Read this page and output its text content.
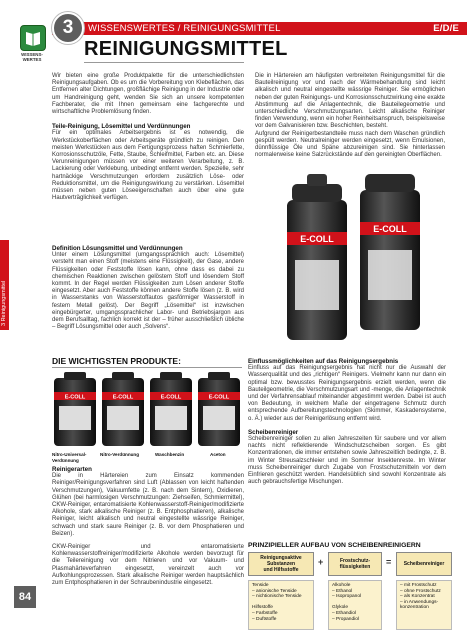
WISSENSWERTES / REINIGUNGSMITTEL	E/D/E
3
WISSENS-
WERTES	REINIGUNGSMITTEL
Wir bieten eine große Produktpalette für die unterschiedlichsten Reinigungsaufgaben. Ob es um die Vorbereitung von Klebeflächen, das Entfernen alter Dichtungen, großflächige Reinigung in der Industrie oder um Handreinigung geht, wenden Sie sich an unsere kompetenten Fachberater, die mit Ihnen gemeinsam eine fachgerechte und wirtschaftliche Problemlösung finden.
Teile-Reinigung, Lösemittel und Verdünnungen
Für ein optimales Arbeitsergebnis ist es notwendig, die Werkstückoberflächen oder Arbeitsgeräte gründlich zu reinigen. Den meisten Werkstücken aus dem Fertigungsprozess haften Schmierfette, Korrosionsschutzöle, Fette, Staube, Schleifmittel, Farben etc. an. Diese Verunreinigungen müssen vor einer weiteren Verarbeitung, z. B. Lackierung oder Verklebung, unbedingt entfernt werden. Spezielle, sehr hartnäckige Verschmutzungen erfordern zusätzlich Löse- oder Reduktionsmittel, um die Reinigungswirkung zu verstärken. Lösemittel müssen neben guten Löseeigenschaften auch über eine gute Hautverträglichkeit verfügen.
Die in Härtereien am häufigsten verbreiteten Reinigungsmittel für die Bauteilreinigung vor und nach der Wärmebehandlung sind leicht alkalisch und neutral eingestellte wässrige Reiniger. Sie ermöglichen neben der guten Reinigungs- und Korrosionsschutzwirkung eine exakte Abstimmung auf die Anlagentechnik, die Bauteilegeometrie und unterschiedliche Verschmutzungsarten. Leicht alkalische Reiniger finden Verwendung, wenn ein hoher Reinheitsanspruch, beispielsweise vor dem Galvanisieren bzw. Beschichten, besteht.
Aufgrund der Reinigerbestandteile muss nach dem Waschen gründlich gespült werden. Neutralreiniger werden eingesetzt, wenn Emulsionen, dünnflüssige Öle und Späne abzureinigen sind. Sie hinterlassen normalerweise keine Salzrückstände auf den gereinigten Oberflächen.
E-COLL
E-COLL
Definition Lösungsmittel und Verdünnungen
Unter einem Lösungsmittel (umgangssprachlich auch: Lösemittel) versteht man einen Stoff (meistens eine Flüssigkeit), der Gase, andere Flüssigkeiten oder Feststoffe lösen kann, ohne dass es dabei zu chemischen Reaktionen zwischen gelöstem Stoff und lösendem Stoff kommt. In der Regel werden Flüssigkeiten zum Lösen anderer Stoffe eingesetzt. Aber auch Feststoffe können andere Stoffe lösen (z. B. wird in Wasserstanks von Wasserstoffautos gasförmiger Wasserstoff in festem Metall gelöst). Der Begriff „Lösemittel“ ist inzwischen eingebürgerter, umgangssprachlicher Labor- und Betriebsjargon aus dem Berufsalltag, fachlich korrekt ist der – früher ausschließlich übliche – Begriff Lösungsmittel oder auch „Solvens“.
DIE WICHTIGSTEN PRODUKTE:
E-COLL	E-COLL	E-COLL	E-COLL
Nitro-Universal-
Verdünnung
Nitro-Verdünnung	Waschbenzin	Aceton
Reinigerarten
Die in Härtereien zum Einsatz kommenden Reiniger/Reinigungsverfahren sind Luft (Ablassen von leicht haftenden Verschmutzungen), Vakuumfette (z. B. nach dem Sintern), Oxidieren, Glühen (bei harmlosigen Verschmutzungen: Ziehseifen, Schmiermittel), CKW-Reiniger, entaromatisierte Kohlenwasserstoff-Reiniger/modifizierte Alkohole, stark alkalische Reiniger (z. B. Entphosphatieren), alkalische Reiniger, leicht alkalisch und neutral eingestellte wässrige Reiniger, schwach und stark saure Reiniger (z. B. vor dem Phosphatieren und Beizen).
CKW-Reiniger und entaromatisierte Kohlenwasserstoffreiniger/modifizierte Alkohole werden bevorzugt für die Teilereinigung vor dem Nitrieren und vor Vakuum- und Plasmahärteverfahren eingesetzt, vereinzelt auch vor Aufkohlungsprozessen. Stark alkalische Reiniger werden hauptsächlich zum Entphosphatieren in der Schraubenindustrie eingesetzt.
Einflussmöglichkeiten auf das Reinigungsergebnis
Einfluss auf das Reinigungsergebnis hat nicht nur die Auswahl der Wasserqualität und des „richtigen“ Reinigers. Vielmehr kann nur dann ein optimal bzw. bewusstes Reinigungsergebnis erzielt werden, wenn die Bauteilgeometrie, die Verschmutzungsart und -menge, die Anlagentechnik und der Verfahrensablauf miteinander abgestimmt werden. Dabei ist auch von Bedeutung, in welchem Maße der eingetragene Schmutz durch entsprechende Aufbereitungstechnologien (Skimmer, Kaskadensysteme, o. Ä.) wieder aus der Reinigerlösung entfernt wird.
Scheibenreiniger
Scheibenreiniger sollen zu allen Jahreszeiten für saubere und vor allem nachts nicht reflektierende Windschutzscheiben sorgen. Es gibt Konzentrationen, die immer entstehen sowie Jahreszeitlich bedingte, z. B. im Winter Streusalzschleier und im Sommer Insektenreste. Im Winter muss Scheibenreiniger durch Zugabe von Frostschutzmitteln vor dem Einfrieren geschützt werden. Handelsüblich sind sowohl Konzentrate als auch gebrauchsfertige Mischungen.
PRINZIPIELLER AUFBAU VON SCHEIBENREINIGERN
Reinigungsaktive
Substanzen
und Hilfsstoffe
+	Frostschutz-
flüssigkeiten	=	Scheibenreiniger
Tenside
– anionische Tenside
– nichtionische Tenside

Hilfsstoffe
– Farbstoffe
– Duftstoffe
Alkohole
– Ethanol
– Isopropanol

Glykole
– Ethandiol
– Propandiol
– mit Frostschutz
– ohne Frostschutz
– als Konzentrat
– in Anwendungs-
konzentration
3 Reinigungsmittel
84
